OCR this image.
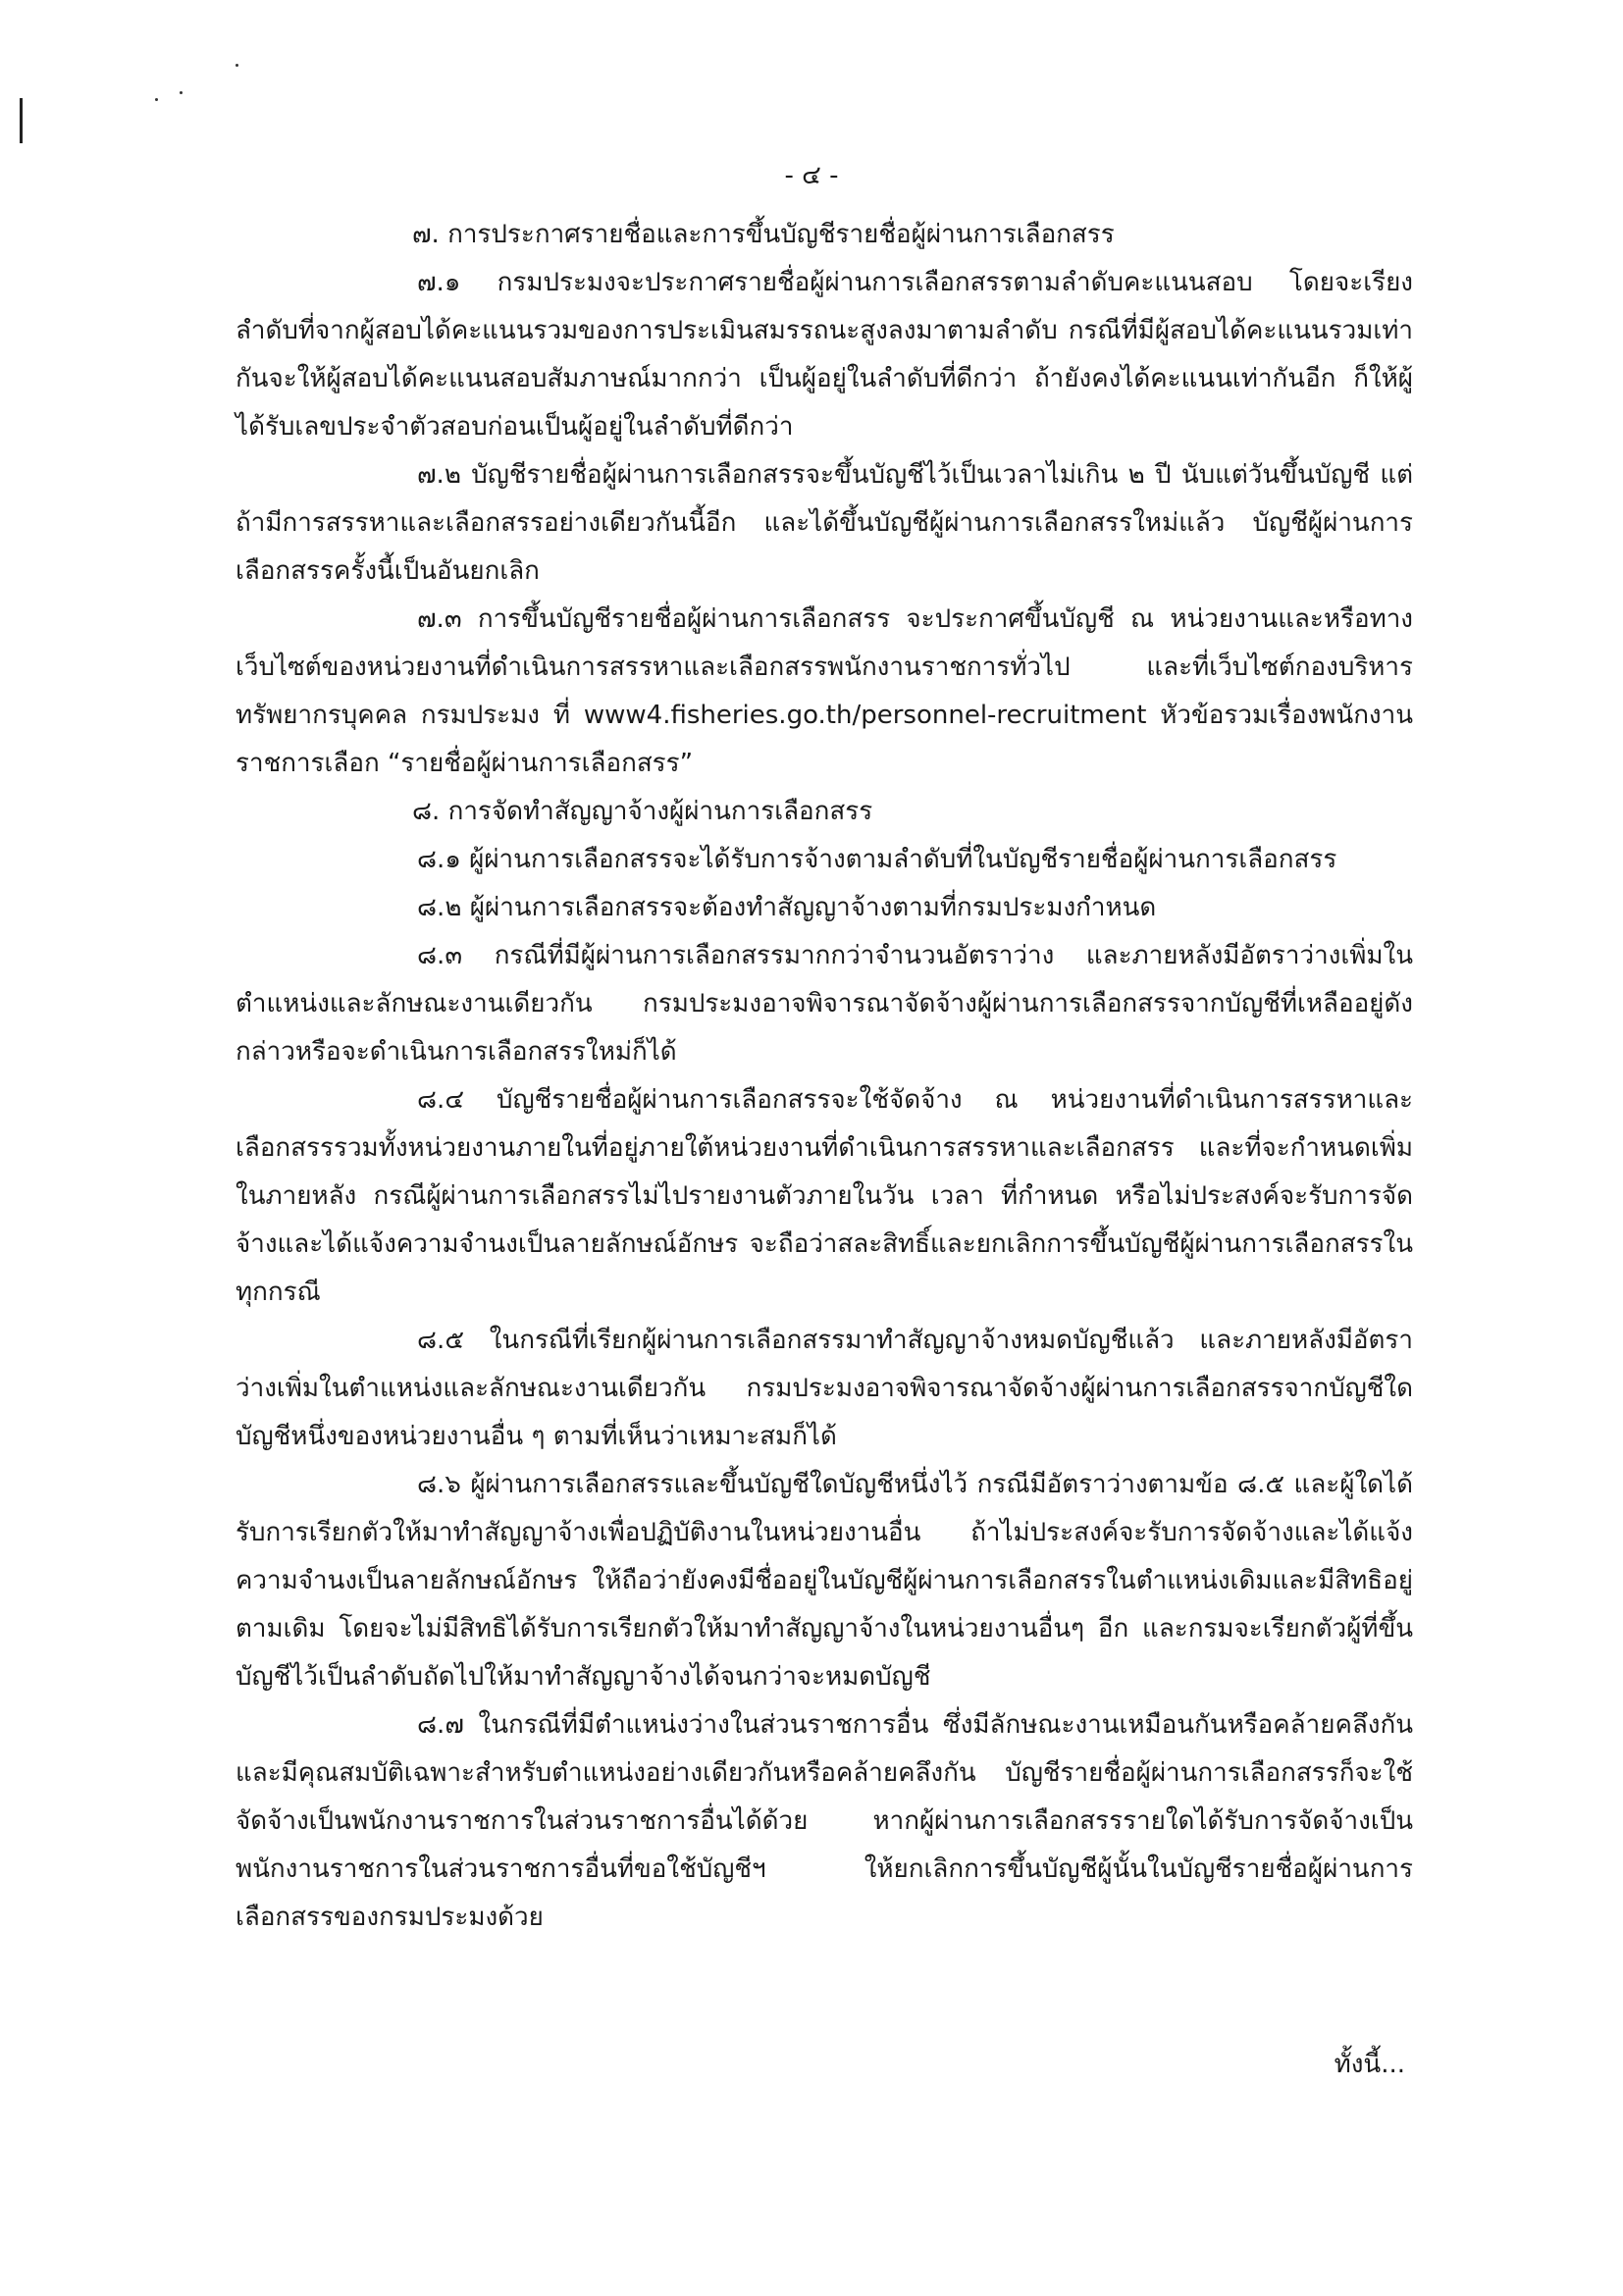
- ๔ -

๗. การประกาศรายชื่อและการขึ้นบัญชีรายชื่อผู้ผ่านการเลือกสรร

๗.๑ กรมประมงจะประกาศรายชื่อผู้ผ่านการเลือกสรรตามลำดับคะแนนสอบ โดยจะเรียงลำดับที่จากผู้สอบได้คะแนนรวมของการประเมินสมรรถนะสูงลงมาตามลำดับ กรณีที่มีผู้สอบได้คะแนนรวมเท่ากันจะให้ผู้สอบได้คะแนนสอบสัมภาษณ์มากกว่า เป็นผู้อยู่ในลำดับที่ดีกว่า ถ้ายังคงได้คะแนนเท่ากันอีก ก็ให้ผู้ได้รับเลขประจำตัวสอบก่อนเป็นผู้อยู่ในลำดับที่ดีกว่า

๗.๒ บัญชีรายชื่อผู้ผ่านการเลือกสรรจะขึ้นบัญชีไว้เป็นเวลาไม่เกิน ๒ ปี นับแต่วันขึ้นบัญชี แต่ถ้ามีการสรรหาและเลือกสรรอย่างเดียวกันนี้อีก และได้ขึ้นบัญชีผู้ผ่านการเลือกสรรใหม่แล้ว บัญชีผู้ผ่านการเลือกสรรครั้งนี้เป็นอันยกเลิก

๗.๓ การขึ้นบัญชีรายชื่อผู้ผ่านการเลือกสรร จะประกาศขึ้นบัญชี ณ หน่วยงานและหรือทางเว็บไซต์ของหน่วยงานที่ดำเนินการสรรหาและเลือกสรรพนักงานราชการทั่วไป และที่เว็บไซต์กองบริหารทรัพยากรบุคคล กรมประมง ที่ www4.fisheries.go.th/personnel-recruitment หัวข้อรวมเรื่องพนักงานราชการเลือก “รายชื่อผู้ผ่านการเลือกสรร”

๘. การจัดทำสัญญาจ้างผู้ผ่านการเลือกสรร

๘.๑ ผู้ผ่านการเลือกสรรจะได้รับการจ้างตามลำดับที่ในบัญชีรายชื่อผู้ผ่านการเลือกสรร

๘.๒ ผู้ผ่านการเลือกสรรจะต้องทำสัญญาจ้างตามที่กรมประมงกำหนด

๘.๓ กรณีที่มีผู้ผ่านการเลือกสรรมากกว่าจำนวนอัตราว่าง และภายหลังมีอัตราว่างเพิ่มในตำแหน่งและลักษณะงานเดียวกัน กรมประมงอาจพิจารณาจัดจ้างผู้ผ่านการเลือกสรรจากบัญชีที่เหลืออยู่ดังกล่าวหรือจะดำเนินการเลือกสรรใหม่ก็ได้

๘.๔ บัญชีรายชื่อผู้ผ่านการเลือกสรรจะใช้จัดจ้าง ณ หน่วยงานที่ดำเนินการสรรหาและเลือกสรรรวมทั้งหน่วยงานภายในที่อยู่ภายใต้หน่วยงานที่ดำเนินการสรรหาและเลือกสรร และที่จะกำหนดเพิ่มในภายหลัง กรณีผู้ผ่านการเลือกสรรไม่ไปรายงานตัวภายในวัน เวลา ที่กำหนด หรือไม่ประสงค์จะรับการจัดจ้างและได้แจ้งความจำนงเป็นลายลักษณ์อักษร จะถือว่าสละสิทธิ์และยกเลิกการขึ้นบัญชีผู้ผ่านการเลือกสรรในทุกกรณี

๘.๕ ในกรณีที่เรียกผู้ผ่านการเลือกสรรมาทำสัญญาจ้างหมดบัญชีแล้ว และภายหลังมีอัตราว่างเพิ่มในตำแหน่งและลักษณะงานเดียวกัน กรมประมงอาจพิจารณาจัดจ้างผู้ผ่านการเลือกสรรจากบัญชีใดบัญชีหนึ่งของหน่วยงานอื่น ๆ ตามที่เห็นว่าเหมาะสมก็ได้

๘.๖ ผู้ผ่านการเลือกสรรและขึ้นบัญชีใดบัญชีหนึ่งไว้ กรณีมีอัตราว่างตามข้อ ๘.๕ และผู้ใดได้รับการเรียกตัวให้มาทำสัญญาจ้างเพื่อปฏิบัติงานในหน่วยงานอื่น ถ้าไม่ประสงค์จะรับการจัดจ้างและได้แจ้งความจำนงเป็นลายลักษณ์อักษร ให้ถือว่ายังคงมีชื่ออยู่ในบัญชีผู้ผ่านการเลือกสรรในตำแหน่งเดิมและมีสิทธิอยู่ตามเดิม โดยจะไม่มีสิทธิได้รับการเรียกตัวให้มาทำสัญญาจ้างในหน่วยงานอื่นๆ อีก และกรมจะเรียกตัวผู้ที่ขึ้นบัญชีไว้เป็นลำดับถัดไปให้มาทำสัญญาจ้างได้จนกว่าจะหมดบัญชี

๘.๗ ในกรณีที่มีตำแหน่งว่างในส่วนราชการอื่น ซึ่งมีลักษณะงานเหมือนกันหรือคล้ายคลึงกันและมีคุณสมบัติเฉพาะสำหรับตำแหน่งอย่างเดียวกันหรือคล้ายคลึงกัน บัญชีรายชื่อผู้ผ่านการเลือกสรรก็จะใช้จัดจ้างเป็นพนักงานราชการในส่วนราชการอื่นได้ด้วย หากผู้ผ่านการเลือกสรรรายใดได้รับการจัดจ้างเป็นพนักงานราชการในส่วนราชการอื่นที่ขอใช้บัญชีฯ ให้ยกเลิกการขึ้นบัญชีผู้นั้นในบัญชีรายชื่อผู้ผ่านการเลือกสรรของกรมประมงด้วย

ทั้งนี้...
